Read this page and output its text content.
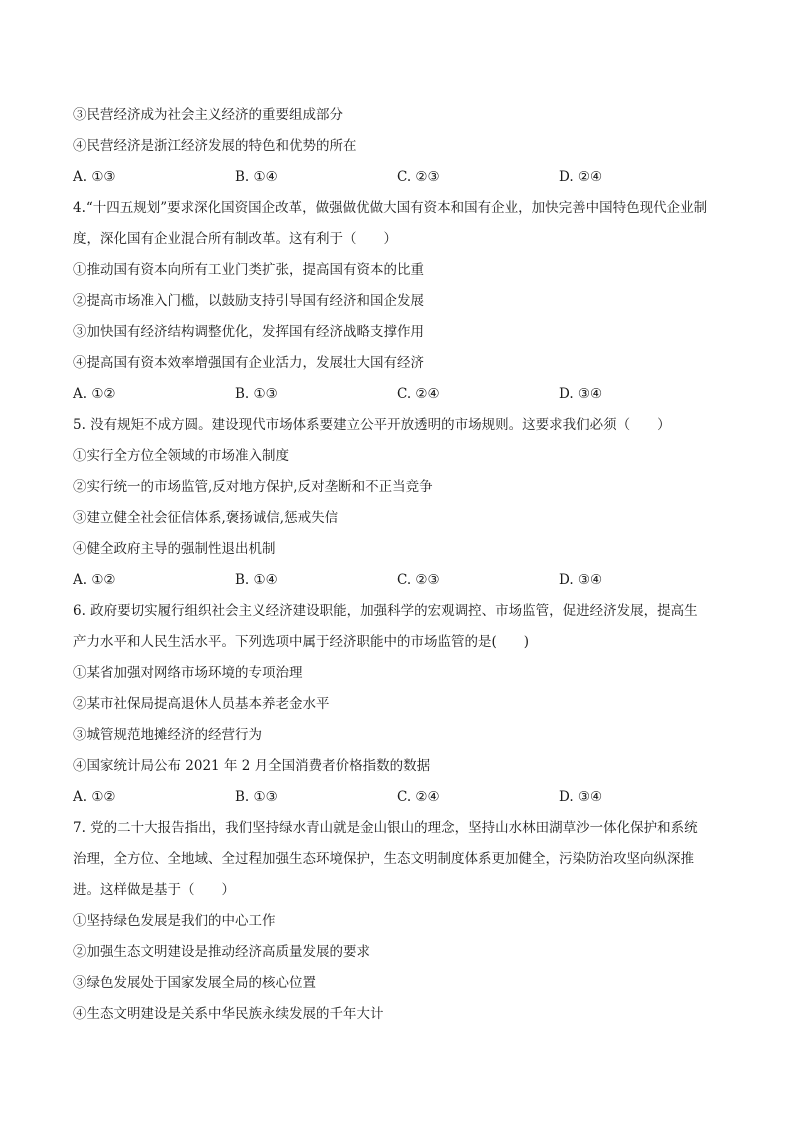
③民营经济成为社会主义经济的重要组成部分
④民营经济是浙江经济发展的特色和优势的所在
A. ①③	B. ①④	C. ②③	D. ②④
4.“十四五规划”要求深化国资国企改革，做强做优做大国有资本和国有企业，加快完善中国特色现代企业制
度，深化国有企业混合所有制改革。这有利于（　　）
①推动国有资本向所有工业门类扩张，提高国有资本的比重
②提高市场准入门槛，以鼓励支持引导国有经济和国企发展
③加快国有经济结构调整优化，发挥国有经济战略支撑作用
④提高国有资本效率增强国有企业活力，发展壮大国有经济
A. ①②	B. ①③	C. ②④	D. ③④
5. 没有规矩不成方圆。建设现代市场体系要建立公平开放透明的市场规则。这要求我们必须（　　）
①实行全方位全领域的市场准入制度
②实行统一的市场监管,反对地方保护,反对垄断和不正当竞争
③建立健全社会征信体系,褒扬诚信,惩戒失信
④健全政府主导的强制性退出机制
A. ①②	B. ①④	C. ②③	D. ③④
6. 政府要切实履行组织社会主义经济建设职能，加强科学的宏观调控、市场监管，促进经济发展，提高生
产力水平和人民生活水平。下列选项中属于经济职能中的市场监管的是(　　)
①某省加强对网络市场环境的专项治理
②某市社保局提高退休人员基本养老金水平
③城管规范地摊经济的经营行为
④国家统计局公布 2021 年 2 月全国消费者价格指数的数据
A. ①②	B. ①③	C. ②④	D. ③④
7. 党的二十大报告指出，我们坚持绿水青山就是金山银山的理念，坚持山水林田湖草沙一体化保护和系统
治理，全方位、全地域、全过程加强生态环境保护，生态文明制度体系更加健全，污染防治攻坚向纵深推
进。这样做是基于（　　）
①坚持绿色发展是我们的中心工作
②加强生态文明建设是推动经济高质量发展的要求
③绿色发展处于国家发展全局的核心位置
④生态文明建设是关系中华民族永续发展的千年大计
